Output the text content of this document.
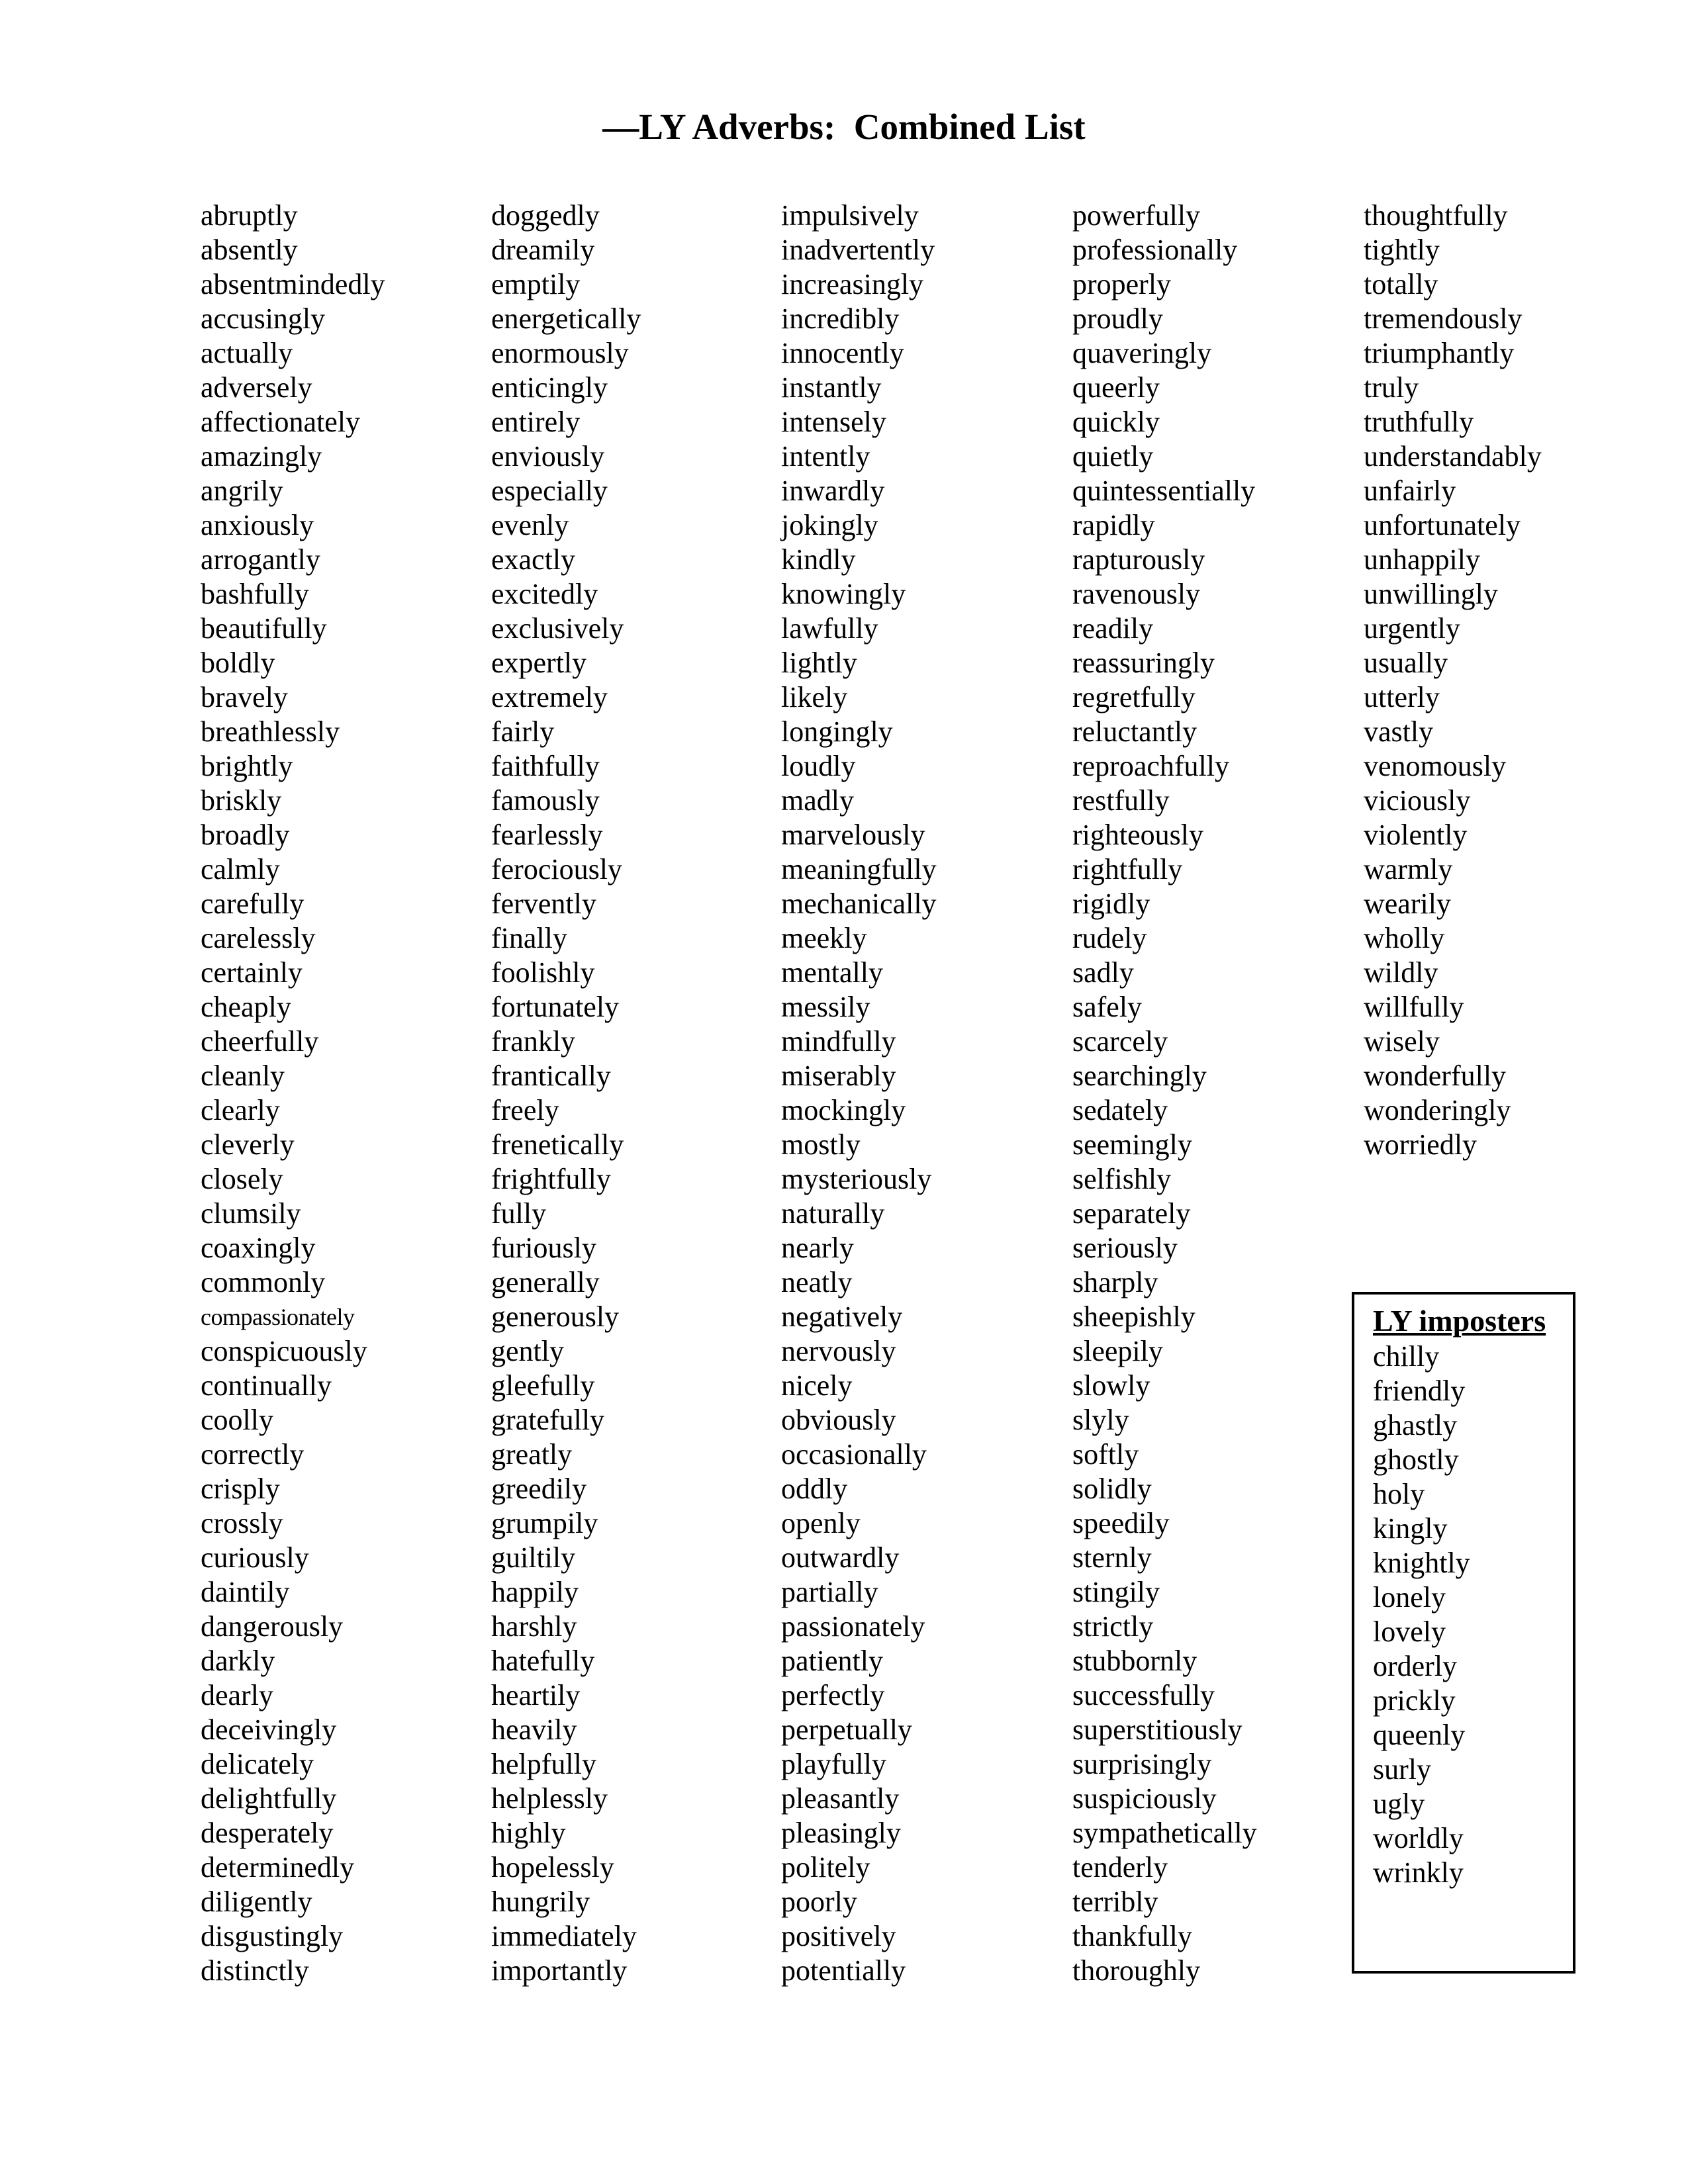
—LY Adverbs:  Combined List
abruptly
absently
absentmindedly
accusingly
actually
adversely
affectionately
amazingly
angrily
anxiously
arrogantly
bashfully
beautifully
boldly
bravely
breathlessly
brightly
briskly
broadly
calmly
carefully
carelessly
certainly
cheaply
cheerfully
cleanly
clearly
cleverly
closely
clumsily
coaxingly
commonly
compassionately
conspicuously
continually
coolly
correctly
crisply
crossly
curiously
daintily
dangerously
darkly
dearly
deceivingly
delicately
delightfully
desperately
determinedly
diligently
disgustingly
distinctly
doggedly
dreamily
emptily
energetically
enormously
enticingly
entirely
enviously
especially
evenly
exactly
excitedly
exclusively
expertly
extremely
fairly
faithfully
famously
fearlessly
ferociously
fervently
finally
foolishly
fortunately
frankly
frantically
freely
frenetically
frightfully
fully
furiously
generally
generously
gently
gleefully
gratefully
greatly
greedily
grumpily
guiltily
happily
harshly
hatefully
heartily
heavily
helpfully
helplessly
highly
hopelessly
hungrily
immediately
importantly
impulsively
inadvertently
increasingly
incredibly
innocently
instantly
intensely
intently
inwardly
jokingly
kindly
knowingly
lawfully
lightly
likely
longingly
loudly
madly
marvelously
meaningfully
mechanically
meekly
mentally
messily
mindfully
miserably
mockingly
mostly
mysteriously
naturally
nearly
neatly
negatively
nervously
nicely
obviously
occasionally
oddly
openly
outwardly
partially
passionately
patiently
perfectly
perpetually
playfully
pleasantly
pleasingly
politely
poorly
positively
potentially
powerfully
professionally
properly
proudly
quaveringly
queerly
quickly
quietly
quintessentially
rapidly
rapturously
ravenously
readily
reassuringly
regretfully
reluctantly
reproachfully
restfully
righteously
rightfully
rigidly
rudely
sadly
safely
scarcely
searchingly
sedately
seemingly
selfishly
separately
seriously
sharply
sheepishly
sleepily
slowly
slyly
softly
solidly
speedily
sternly
stingily
strictly
stubbornly
successfully
superstitiously
surprisingly
suspiciously
sympathetically
tenderly
terribly
thankfully
thoroughly
thoughtfully
tightly
totally
tremendously
triumphantly
truly
truthfully
understandably
unfairly
unfortunately
unhappily
unwillingly
urgently
usually
utterly
vastly
venomously
viciously
violently
warmly
wearily
wholly
wildly
willfully
wisely
wonderfully
wonderingly
worriedly
LY imposters
chilly
friendly
ghastly
ghostly
holy
kingly
knightly
lonely
lovely
orderly
prickly
queenly
surly
ugly
worldly
wrinkly
